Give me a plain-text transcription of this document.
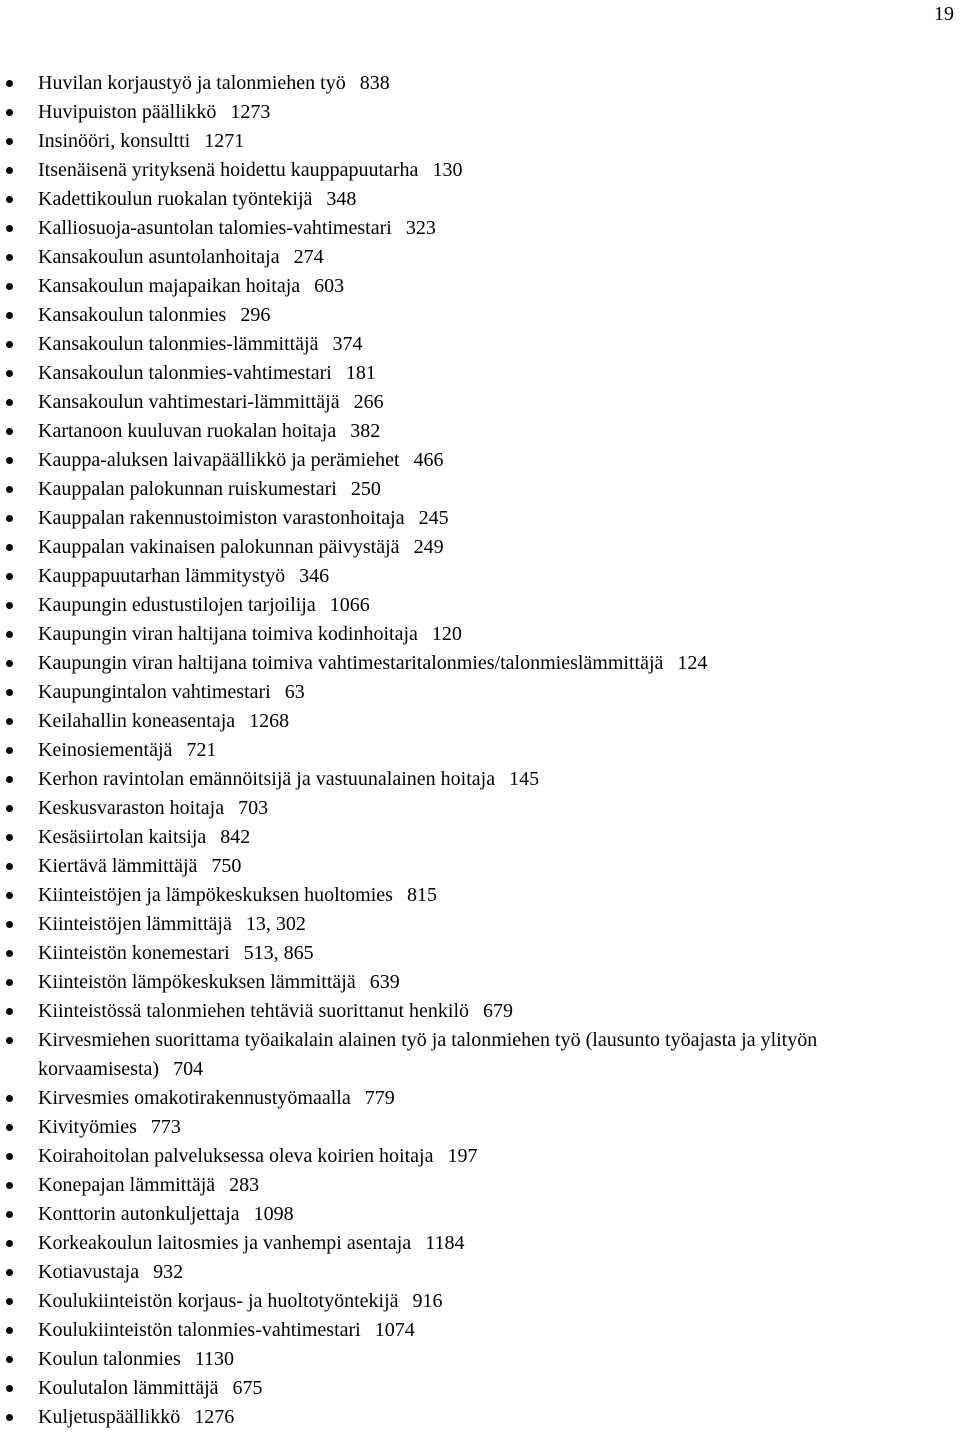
19
Huvilan korjaustyö ja talonmiehen työ 838
Huvipuiston päällikkö 1273
Insinööri, konsultti 1271
Itsenäisenä yrityksenä hoidettu kauppapuutarha 130
Kadettikoulun ruokalan työntekijä 348
Kalliosuoja-asuntolan talomies-vahtimestari 323
Kansakoulun asuntolanhoitaja 274
Kansakoulun majapaikan hoitaja 603
Kansakoulun talonmies 296
Kansakoulun talonmies-lämmittäjä 374
Kansakoulun talonmies-vahtimestari 181
Kansakoulun vahtimestari-lämmittäjä 266
Kartanoon kuuluvan ruokalan hoitaja 382
Kauppa-aluksen laivapäällikkö ja perämiehet 466
Kauppalan palokunnan ruiskumestari 250
Kauppalan rakennustoimiston varastonhoitaja 245
Kauppalan vakinaisen palokunnan päivystäjä 249
Kauppapuutarhan lämmitystyö 346
Kaupungin edustustilojen tarjoilija 1066
Kaupungin viran haltijana toimiva kodinhoitaja 120
Kaupungin viran haltijana toimiva vahtimestaritalonmies/talonmieslämmittäjä 124
Kaupungintalon vahtimestari 63
Keilahallin koneasentaja 1268
Keinosiementäjä 721
Kerhon ravintolan emännöitsijä ja vastuunalainen hoitaja 145
Keskusvaraston hoitaja 703
Kesäsiirtolan kaitsija 842
Kiertävä lämmittäjä 750
Kiinteistöjen ja lämpökeskuksen huoltomies 815
Kiinteistöjen lämmittäjä 13, 302
Kiinteistön konemestari 513, 865
Kiinteistön lämpökeskuksen lämmittäjä 639
Kiinteistössä talonmiehen tehtäviä suorittanut henkilö 679
Kirvesmiehen suorittama työaikalain alainen työ ja talonmiehen työ (lausunto työajasta ja ylityön korvaamisesta) 704
Kirvesmies omakotirakennustyömaalla 779
Kivityömies 773
Koirahoitolan palveluksessa oleva koirien hoitaja 197
Konepajan lämmittäjä 283
Konttorin autonkuljettaja 1098
Korkeakoulun laitosmies ja vanhempi asentaja 1184
Kotiavustaja 932
Koulukiinteistön korjaus- ja huoltotyöntekijä 916
Koulukiinteistön talonmies-vahtimestari 1074
Koulun talonmies 1130
Koulutalon lämmittäjä 675
Kuljetuspäällikkö 1276
